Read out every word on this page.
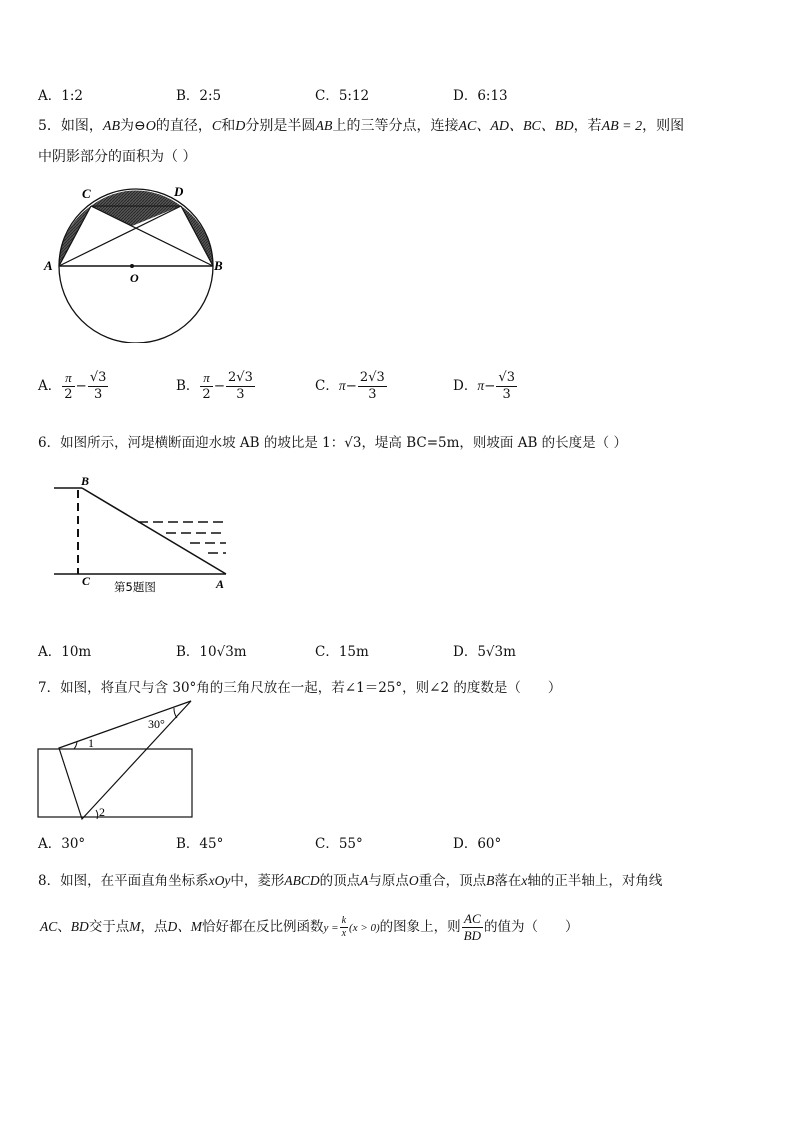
A．1:2	B．2:5	C．5:12	D．6:13
5．如图，AB为⊖O的直径，C和D分别是半圆AB上的三等分点，连接AC、AD、BC、BD，若AB = 2，则图
中阴影部分的面积为（ ）
C	D
A	B
O
A． $\frac{\pi}{2} - \frac{√3}{3}$	B． $\frac{\pi}{2} - \frac{2√3}{3}$	C．$\pi- \frac{2√3}{3}$	D．$\pi- \frac{√3}{3}$
6．如图所示，河堤横断面迎水坡 AB 的坡比是 1：√3，堤高 BC=5m，则坡面 AB 的长度是（ ）
B
C	A
第5题图
A．10m	B．10√3m	C．15m	D．5√3m
7．如图，将直尺与含 30°角的三角尺放在一起，若∠1＝25°，则∠2 的度数是（　　）
30°
1
2
A．30°	B．45°	C．55°	D．60°
8．如图，在平面直角坐标系xOy中，菱形ABCD的顶点A与原点O重合，顶点B落在x轴的正半轴上，对角线
AC、BD交于点M，点D、M恰好都在反比例函数$y = \frac{k}{x} (x > 0)$的图象上，则 $\frac{AC}{BD}$ 的值为（　　）
